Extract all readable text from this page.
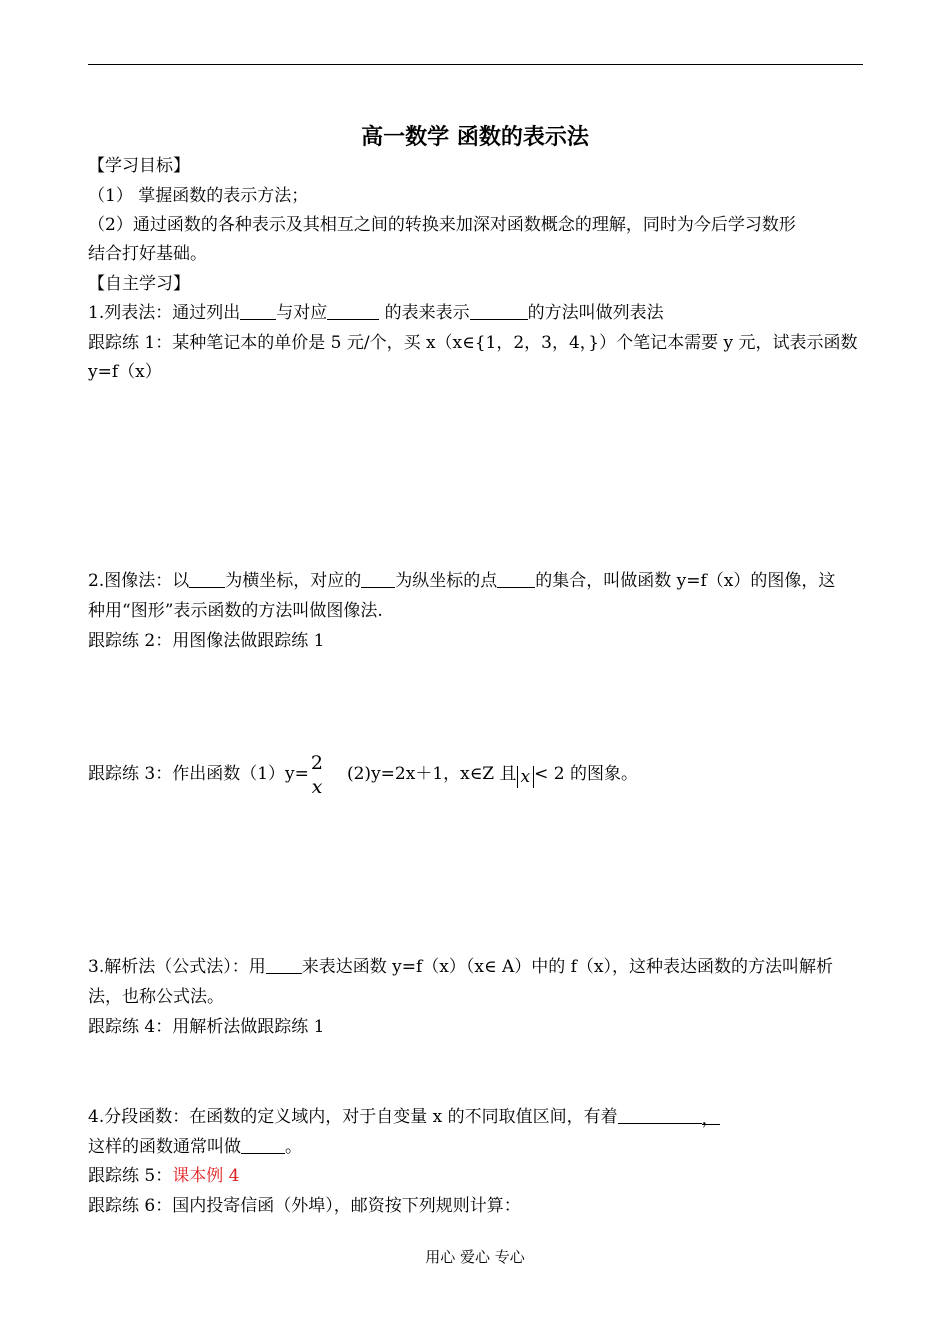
高一数学 函数的表示法
【学习目标】
（1） 掌握函数的表示方法；
（2）通过函数的各种表示及其相互之间的转换来加深对函数概念的理解，同时为今后学习数形
结合打好基础。
【自主学习】
1.列表法：通过列出 与对应	的表来表示	的方法叫做列表法
跟踪练 1：某种笔记本的单价是 5 元/个，买 x（x∈{1，2，3，4，}）个笔记本需要 y 元，试表示函数
y=f（x）
2.图像法：以 为横坐标，对应的 为纵坐标的点 的集合，叫做函数 y=f（x）的图像，这
种用“图形”表示函数的方法叫做图像法.
跟踪练 2：用图像法做跟踪练 1
跟踪练 3：作出函数（1）y=
2
x
(2)y=2x＋1，x∈Z 且 x < 2 的图象。
3.解析法（公式法）：用 来表达函数 y=f（x）（x∈ A）中的 f（x），这种表达函数的方法叫解析
法，也称公式法。
跟踪练 4：用解析法做跟踪练 1
4.分段函数：在函数的定义域内，对于自变量 x 的不同取值区间，有着	，
这样的函数通常叫做	。
跟踪练 5：课本例 4
跟踪练 6：国内投寄信函（外埠），邮资按下列规则计算：
用心 爱心 专心
